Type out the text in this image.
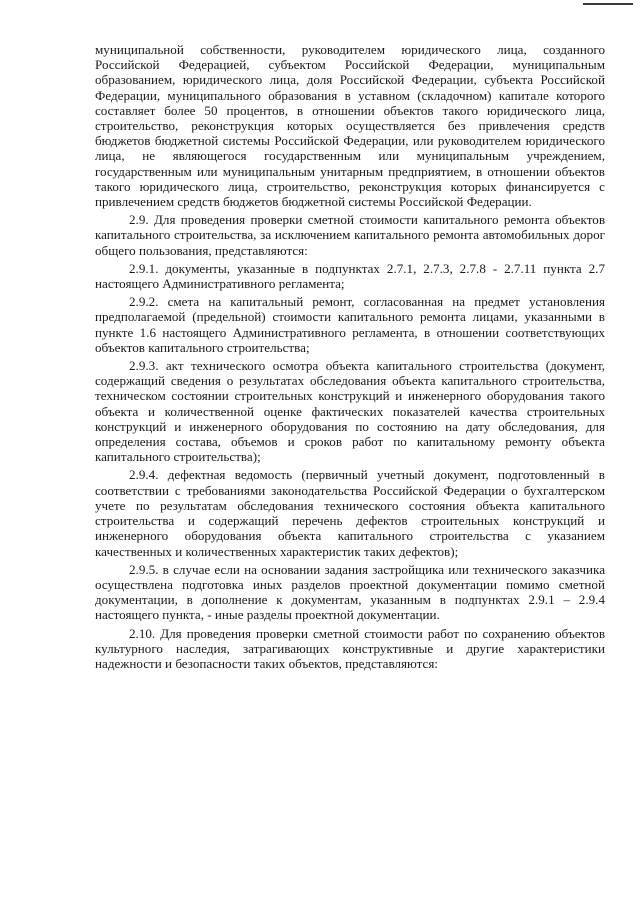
муниципальной собственности, руководителем юридического лица, созданного Российской Федерацией, субъектом Российской Федерации, муниципальным образованием, юридического лица, доля Российской Федерации, субъекта Российской Федерации, муниципального образования в уставном (складочном) капитале которого составляет более 50 процентов, в отношении объектов такого юридического лица, строительство, реконструкция которых осуществляется без привлечения средств бюджетов бюджетной системы Российской Федерации, или руководителем юридического лица, не являющегося государственным или муниципальным учреждением, государственным или муниципальным унитарным предприятием, в отношении объектов такого юридического лица, строительство, реконструкция которых финансируется с привлечением средств бюджетов бюджетной системы Российской Федерации.

2.9. Для проведения проверки сметной стоимости капитального ремонта объектов капитального строительства, за исключением капитального ремонта автомобильных дорог общего пользования, представляются:

2.9.1. документы, указанные в подпунктах 2.7.1, 2.7.3, 2.7.8 - 2.7.11 пункта 2.7 настоящего Административного регламента;

2.9.2. смета на капитальный ремонт, согласованная на предмет установления предполагаемой (предельной) стоимости капитального ремонта лицами, указанными в пункте 1.6 настоящего Административного регламента, в отношении соответствующих объектов капитального строительства;

2.9.3. акт технического осмотра объекта капитального строительства (документ, содержащий сведения о результатах обследования объекта капитального строительства, техническом состоянии строительных конструкций и инженерного оборудования такого объекта и количественной оценке фактических показателей качества строительных конструкций и инженерного оборудования по состоянию на дату обследования, для определения состава, объемов и сроков работ по капитальному ремонту объекта капитального строительства);

2.9.4. дефектная ведомость (первичный учетный документ, подготовленный в соответствии с требованиями законодательства Российской Федерации о бухгалтерском учете по результатам обследования технического состояния объекта капитального строительства и содержащий перечень дефектов строительных конструкций и инженерного оборудования объекта капитального строительства с указанием качественных и количественных характеристик таких дефектов);

2.9.5. в случае если на основании задания застройщика или технического заказчика осуществлена подготовка иных разделов проектной документации помимо сметной документации, в дополнение к документам, указанным в подпунктах 2.9.1 – 2.9.4 настоящего пункта, - иные разделы проектной документации.

2.10. Для проведения проверки сметной стоимости работ по сохранению объектов культурного наследия, затрагивающих конструктивные и другие характеристики надежности и безопасности таких объектов, представляются:
